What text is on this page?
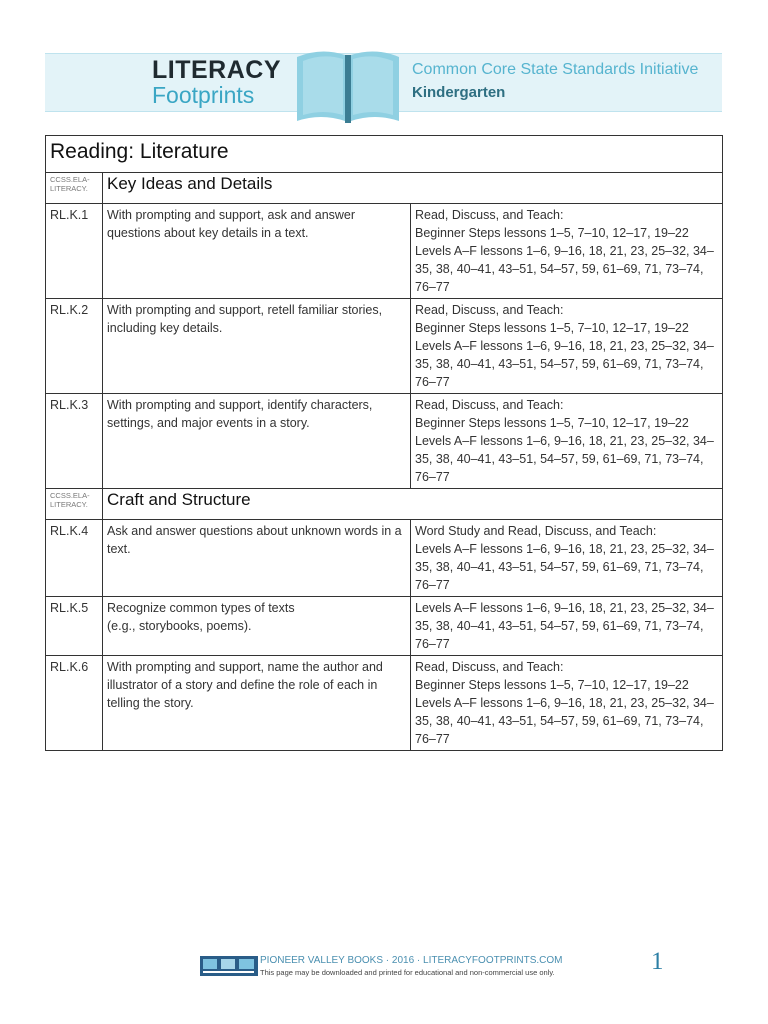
LITERACY
Footprints
Common Core State Standards Initiative
Kindergarten
Reading: Literature		

CCSS.ELA-
LITERACY.	Key Ideas and Details	
RL.K.1	With prompting and support, ask and answer questions about key details in a text.	Read, Discuss, and Teach:
Beginner Steps lessons 1–5, 7–10, 12–17, 19–22
Levels A–F lessons 1–6, 9–16, 18, 21, 23, 25–32, 34–35, 38, 40–41, 43–51, 54–57, 59, 61–69, 71, 73–74, 76–77

RL.K.2	With prompting and support, retell familiar stories, including key details.	Read, Discuss, and Teach:
Beginner Steps lessons 1–5, 7–10, 12–17, 19–22
Levels A–F lessons 1–6, 9–16, 18, 21, 23, 25–32, 34–35, 38, 40–41, 43–51, 54–57, 59, 61–69, 71, 73–74, 76–77

RL.K.3	With prompting and support, identify characters, settings, and major events in a story.	Read, Discuss, and Teach:
Beginner Steps lessons 1–5, 7–10, 12–17, 19–22
Levels A–F lessons 1–6, 9–16, 18, 21, 23, 25–32, 34–35, 38, 40–41, 43–51, 54–57, 59, 61–69, 71, 73–74, 76–77

CCSS.ELA-
LITERACY.	Craft and Structure	
RL.K.4	Ask and answer questions about unknown words in a text.	Word Study and Read, Discuss, and Teach:
Levels A–F lessons 1–6, 9–16, 18, 21, 23, 25–32, 34–35, 38, 40–41, 43–51, 54–57, 59, 61–69, 71, 73–74, 76–77

RL.K.5	Recognize common types of texts
(e.g., storybooks, poems).	Levels A–F lessons 1–6, 9–16, 18, 21, 23, 25–32, 34–35, 38, 40–41, 43–51, 54–57, 59, 61–69, 71, 73–74, 76–77

RL.K.6	With prompting and support, name the author and illustrator of a story and define the role of each in telling the story.	Read, Discuss, and Teach:
Beginner Steps lessons 1–5, 7–10, 12–17, 19–22
Levels A–F lessons 1–6, 9–16, 18, 21, 23, 25–32, 34–35, 38, 40–41, 43–51, 54–57, 59, 61–69, 71, 73–74, 76–77
PIONEER VALLEY BOOKS · 2016 · LITERACYFOOTPRINTS.COM
This page may be downloaded and printed for educational and non-commercial use only.	1
